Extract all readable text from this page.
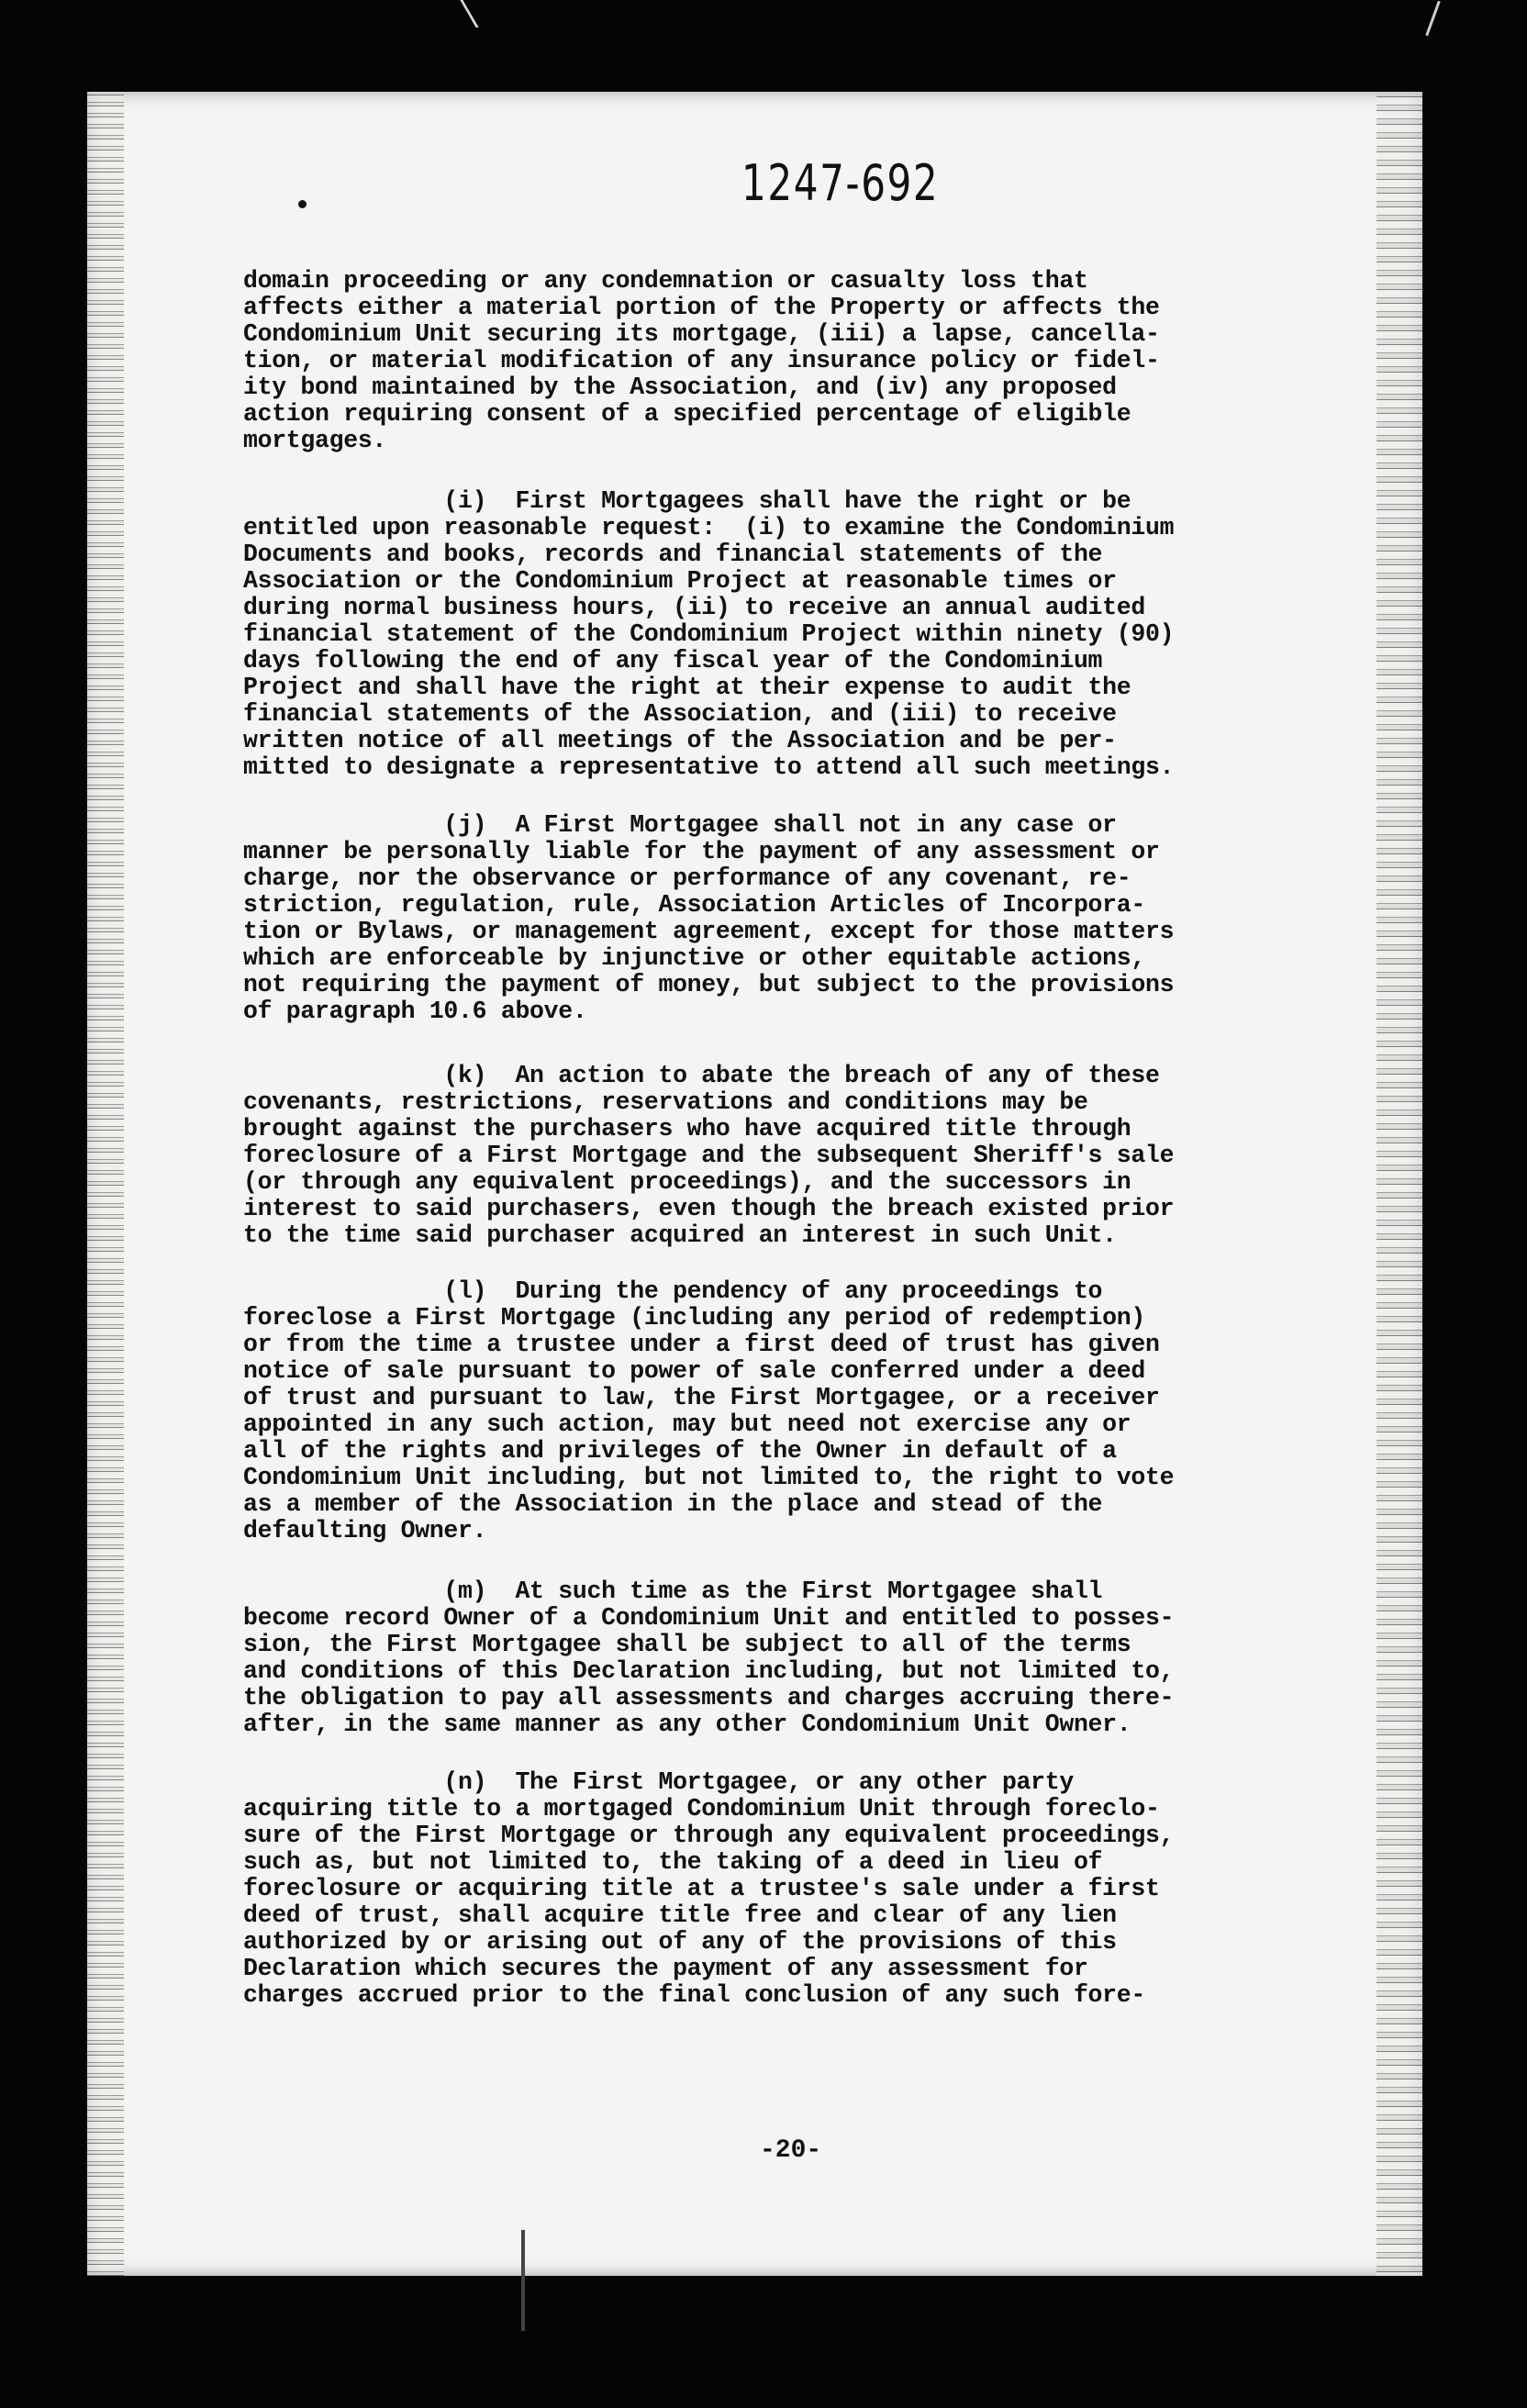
1247-692
domain proceeding or any condemnation or casualty loss that
affects either a material portion of the Property or affects the
Condominium Unit securing its mortgage, (iii) a lapse, cancella-
tion, or material modification of any insurance policy or fidel-
ity bond maintained by the Association, and (iv) any proposed
action requiring consent of a specified percentage of eligible
mortgages.
(i)  First Mortgagees shall have the right or be
entitled upon reasonable request:  (i) to examine the Condominium
Documents and books, records and financial statements of the
Association or the Condominium Project at reasonable times or
during normal business hours, (ii) to receive an annual audited
financial statement of the Condominium Project within ninety (90)
days following the end of any fiscal year of the Condominium
Project and shall have the right at their expense to audit the
financial statements of the Association, and (iii) to receive
written notice of all meetings of the Association and be per-
mitted to designate a representative to attend all such meetings.
(j)  A First Mortgagee shall not in any case or
manner be personally liable for the payment of any assessment or
charge, nor the observance or performance of any covenant, re-
striction, regulation, rule, Association Articles of Incorpora-
tion or Bylaws, or management agreement, except for those matters
which are enforceable by injunctive or other equitable actions,
not requiring the payment of money, but subject to the provisions
of paragraph 10.6 above.
(k)  An action to abate the breach of any of these
covenants, restrictions, reservations and conditions may be
brought against the purchasers who have acquired title through
foreclosure of a First Mortgage and the subsequent Sheriff's sale
(or through any equivalent proceedings), and the successors in
interest to said purchasers, even though the breach existed prior
to the time said purchaser acquired an interest in such Unit.
(l)  During the pendency of any proceedings to
foreclose a First Mortgage (including any period of redemption)
or from the time a trustee under a first deed of trust has given
notice of sale pursuant to power of sale conferred under a deed
of trust and pursuant to law, the First Mortgagee, or a receiver
appointed in any such action, may but need not exercise any or
all of the rights and privileges of the Owner in default of a
Condominium Unit including, but not limited to, the right to vote
as a member of the Association in the place and stead of the
defaulting Owner.
(m)  At such time as the First Mortgagee shall
become record Owner of a Condominium Unit and entitled to posses-
sion, the First Mortgagee shall be subject to all of the terms
and conditions of this Declaration including, but not limited to,
the obligation to pay all assessments and charges accruing there-
after, in the same manner as any other Condominium Unit Owner.
(n)  The First Mortgagee, or any other party
acquiring title to a mortgaged Condominium Unit through foreclo-
sure of the First Mortgage or through any equivalent proceedings,
such as, but not limited to, the taking of a deed in lieu of
foreclosure or acquiring title at a trustee's sale under a first
deed of trust, shall acquire title free and clear of any lien
authorized by or arising out of any of the provisions of this
Declaration which secures the payment of any assessment for
charges accrued prior to the final conclusion of any such fore-
-20-
